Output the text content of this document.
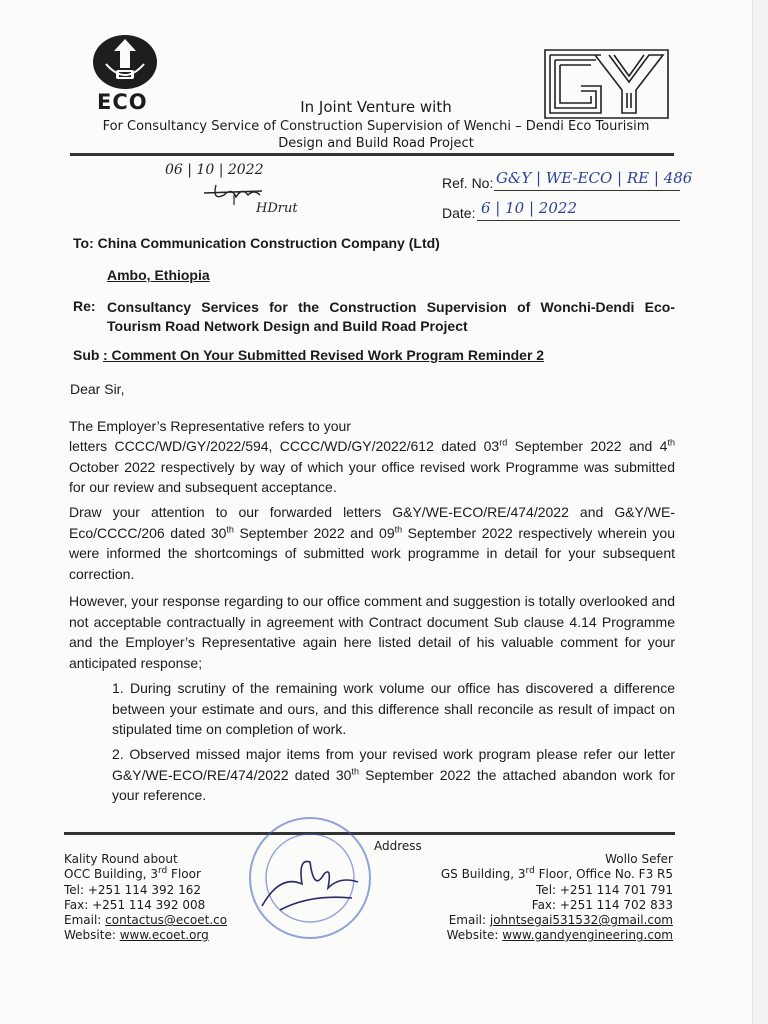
ECO	In Joint Venture with
For Consultancy Service of Construction Supervision of Wenchi – Dendi Eco Tourisim
Design and Build Road Project
06 | 10 | 2022
HDrut
Ref. No: G&Y | WE-ECO | RE | 486
Date: 6 | 10 | 2022
To: China Communication Construction Company (Ltd)
Ambo, Ethiopia
Re: Consultancy Services for the Construction Supervision of Wonchi-Dendi Eco-Tourism Road Network Design and Build Road Project
Sub : Comment On Your Submitted Revised Work Program Reminder 2
Dear Sir,
The Employer’s Representative refers to your
letters CCCC/WD/GY/2022/594, CCCC/WD/GY/2022/612 dated 03rd September 2022 and 4th October 2022 respectively by way of which your office revised work Programme was submitted for our review and subsequent acceptance.
Draw your attention to our forwarded letters G&Y/WE-ECO/RE/474/2022 and G&Y/WE-Eco/CCCC/206 dated 30th September 2022 and 09th September 2022 respectively wherein you were informed the shortcomings of submitted work programme in detail for your subsequent correction.
However, your response regarding to our office comment and suggestion is totally overlooked and not acceptable contractually in agreement with Contract document Sub clause 4.14 Programme and the Employer’s Representative again here listed detail of his valuable comment for your anticipated response;
1. During scrutiny of the remaining work volume our office has discovered a difference between your estimate and ours, and this difference shall reconcile as result of impact on stipulated time on completion of work.
2. Observed missed major items from your revised work program please refer our letter G&Y/WE-ECO/RE/474/2022 dated 30th September 2022 the attached abandon work for your reference.
Address
Kality Round about
OCC Building, 3rd Floor
Tel: +251 114 392 162
Fax: +251 114 392 008
Email: contactus@ecoet.co
Website: www.ecoet.org
Wollo Sefer
GS Building, 3rd Floor, Office No. F3 R5
Tel: +251 114 701 791
Fax: +251 114 702 833
Email: johntsegai531532@gmail.com
Website: www.gandyengineering.com
